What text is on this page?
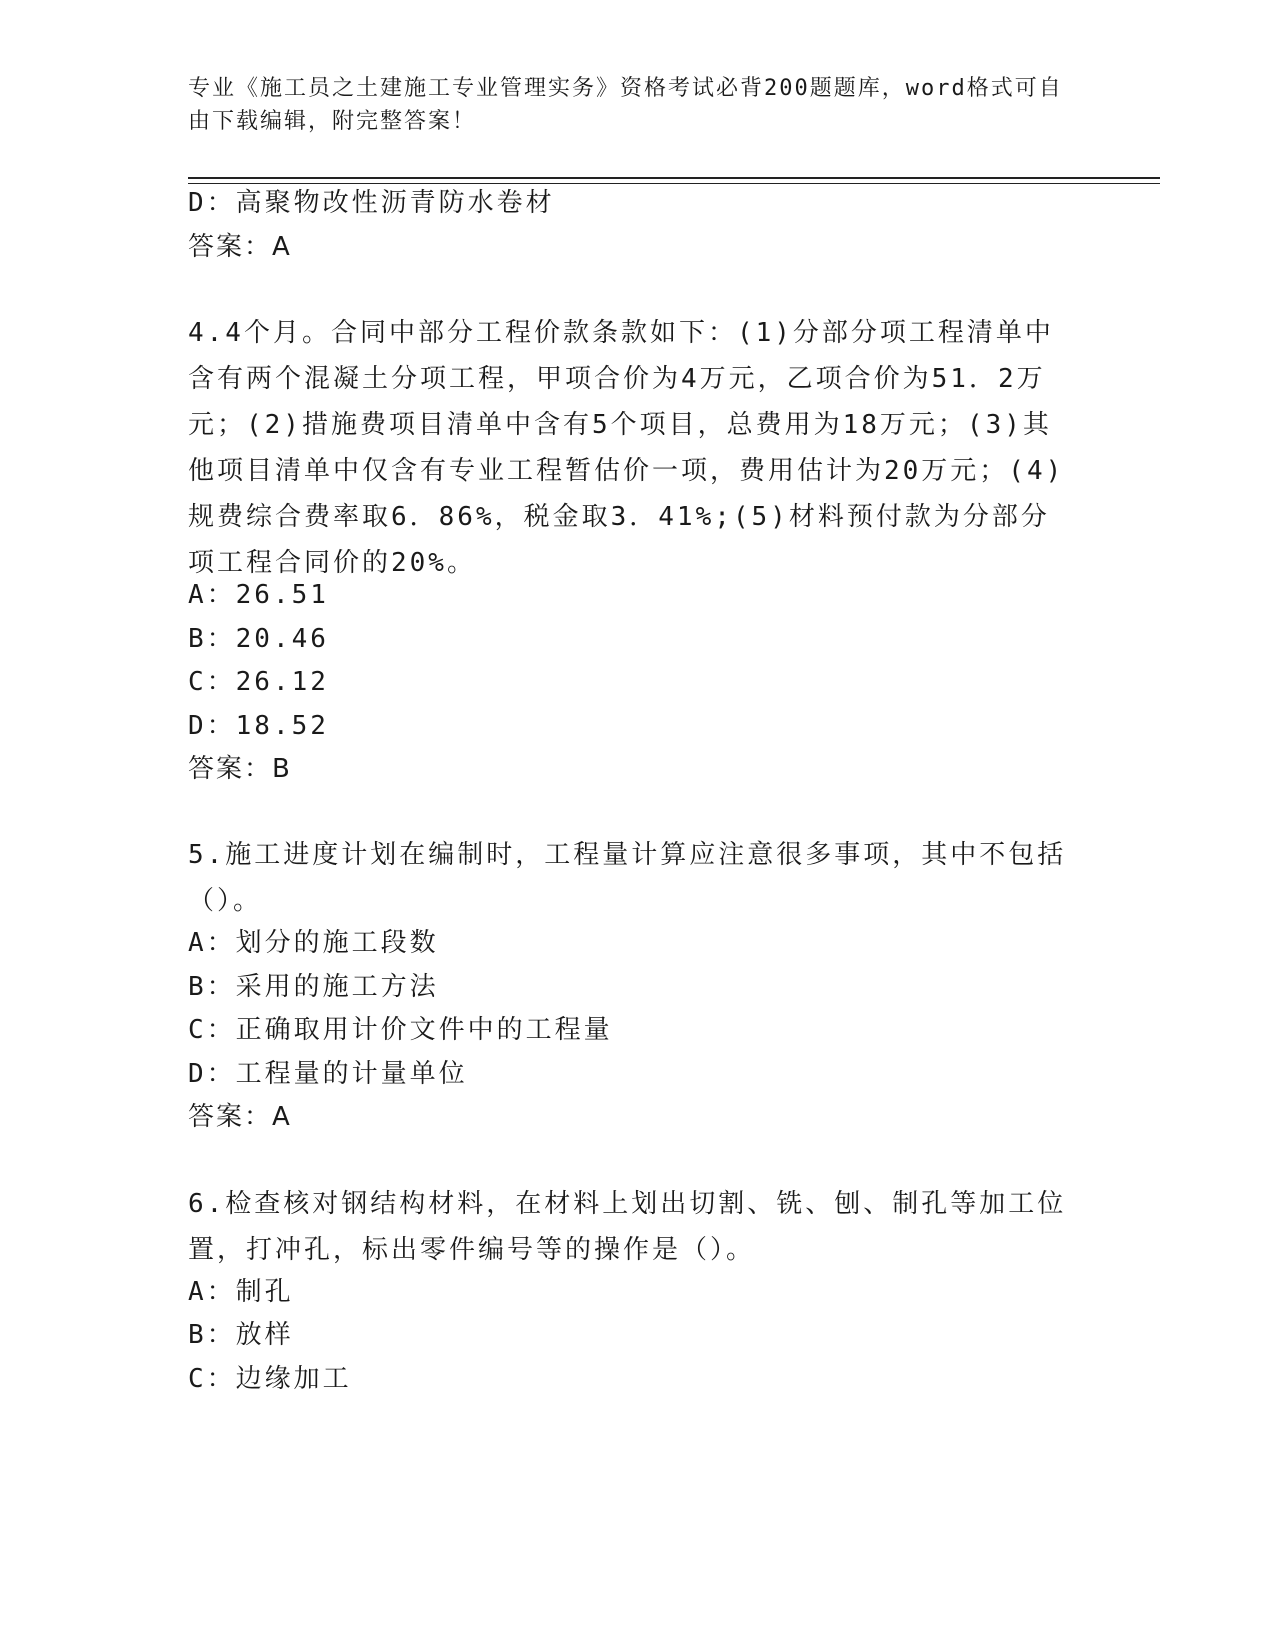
专业《施工员之土建施工专业管理实务》资格考试必背200题题库，word格式可自由下载编辑，附完整答案！
D：高聚物改性沥青防水卷材
答案：A
4.4个月。合同中部分工程价款条款如下：(1)分部分项工程清单中含有两个混凝土分项工程，甲项合价为4万元，乙项合价为51．2万元；(2)措施费项目清单中含有5个项目，总费用为18万元；(3)其他项目清单中仅含有专业工程暂估价一项，费用估计为20万元；(4)规费综合费率取6．86%，税金取3．41%;(5)材料预付款为分部分项工程合同价的20%。
A：26.51
B：20.46
C：26.12
D：18.52
答案：B
5.施工进度计划在编制时，工程量计算应注意很多事项，其中不包括（）。
A：划分的施工段数
B：采用的施工方法
C：正确取用计价文件中的工程量
D：工程量的计量单位
答案：A
6.检查核对钢结构材料，在材料上划出切割、铣、刨、制孔等加工位置，打冲孔，标出零件编号等的操作是（）。
A：制孔
B：放样
C：边缘加工
